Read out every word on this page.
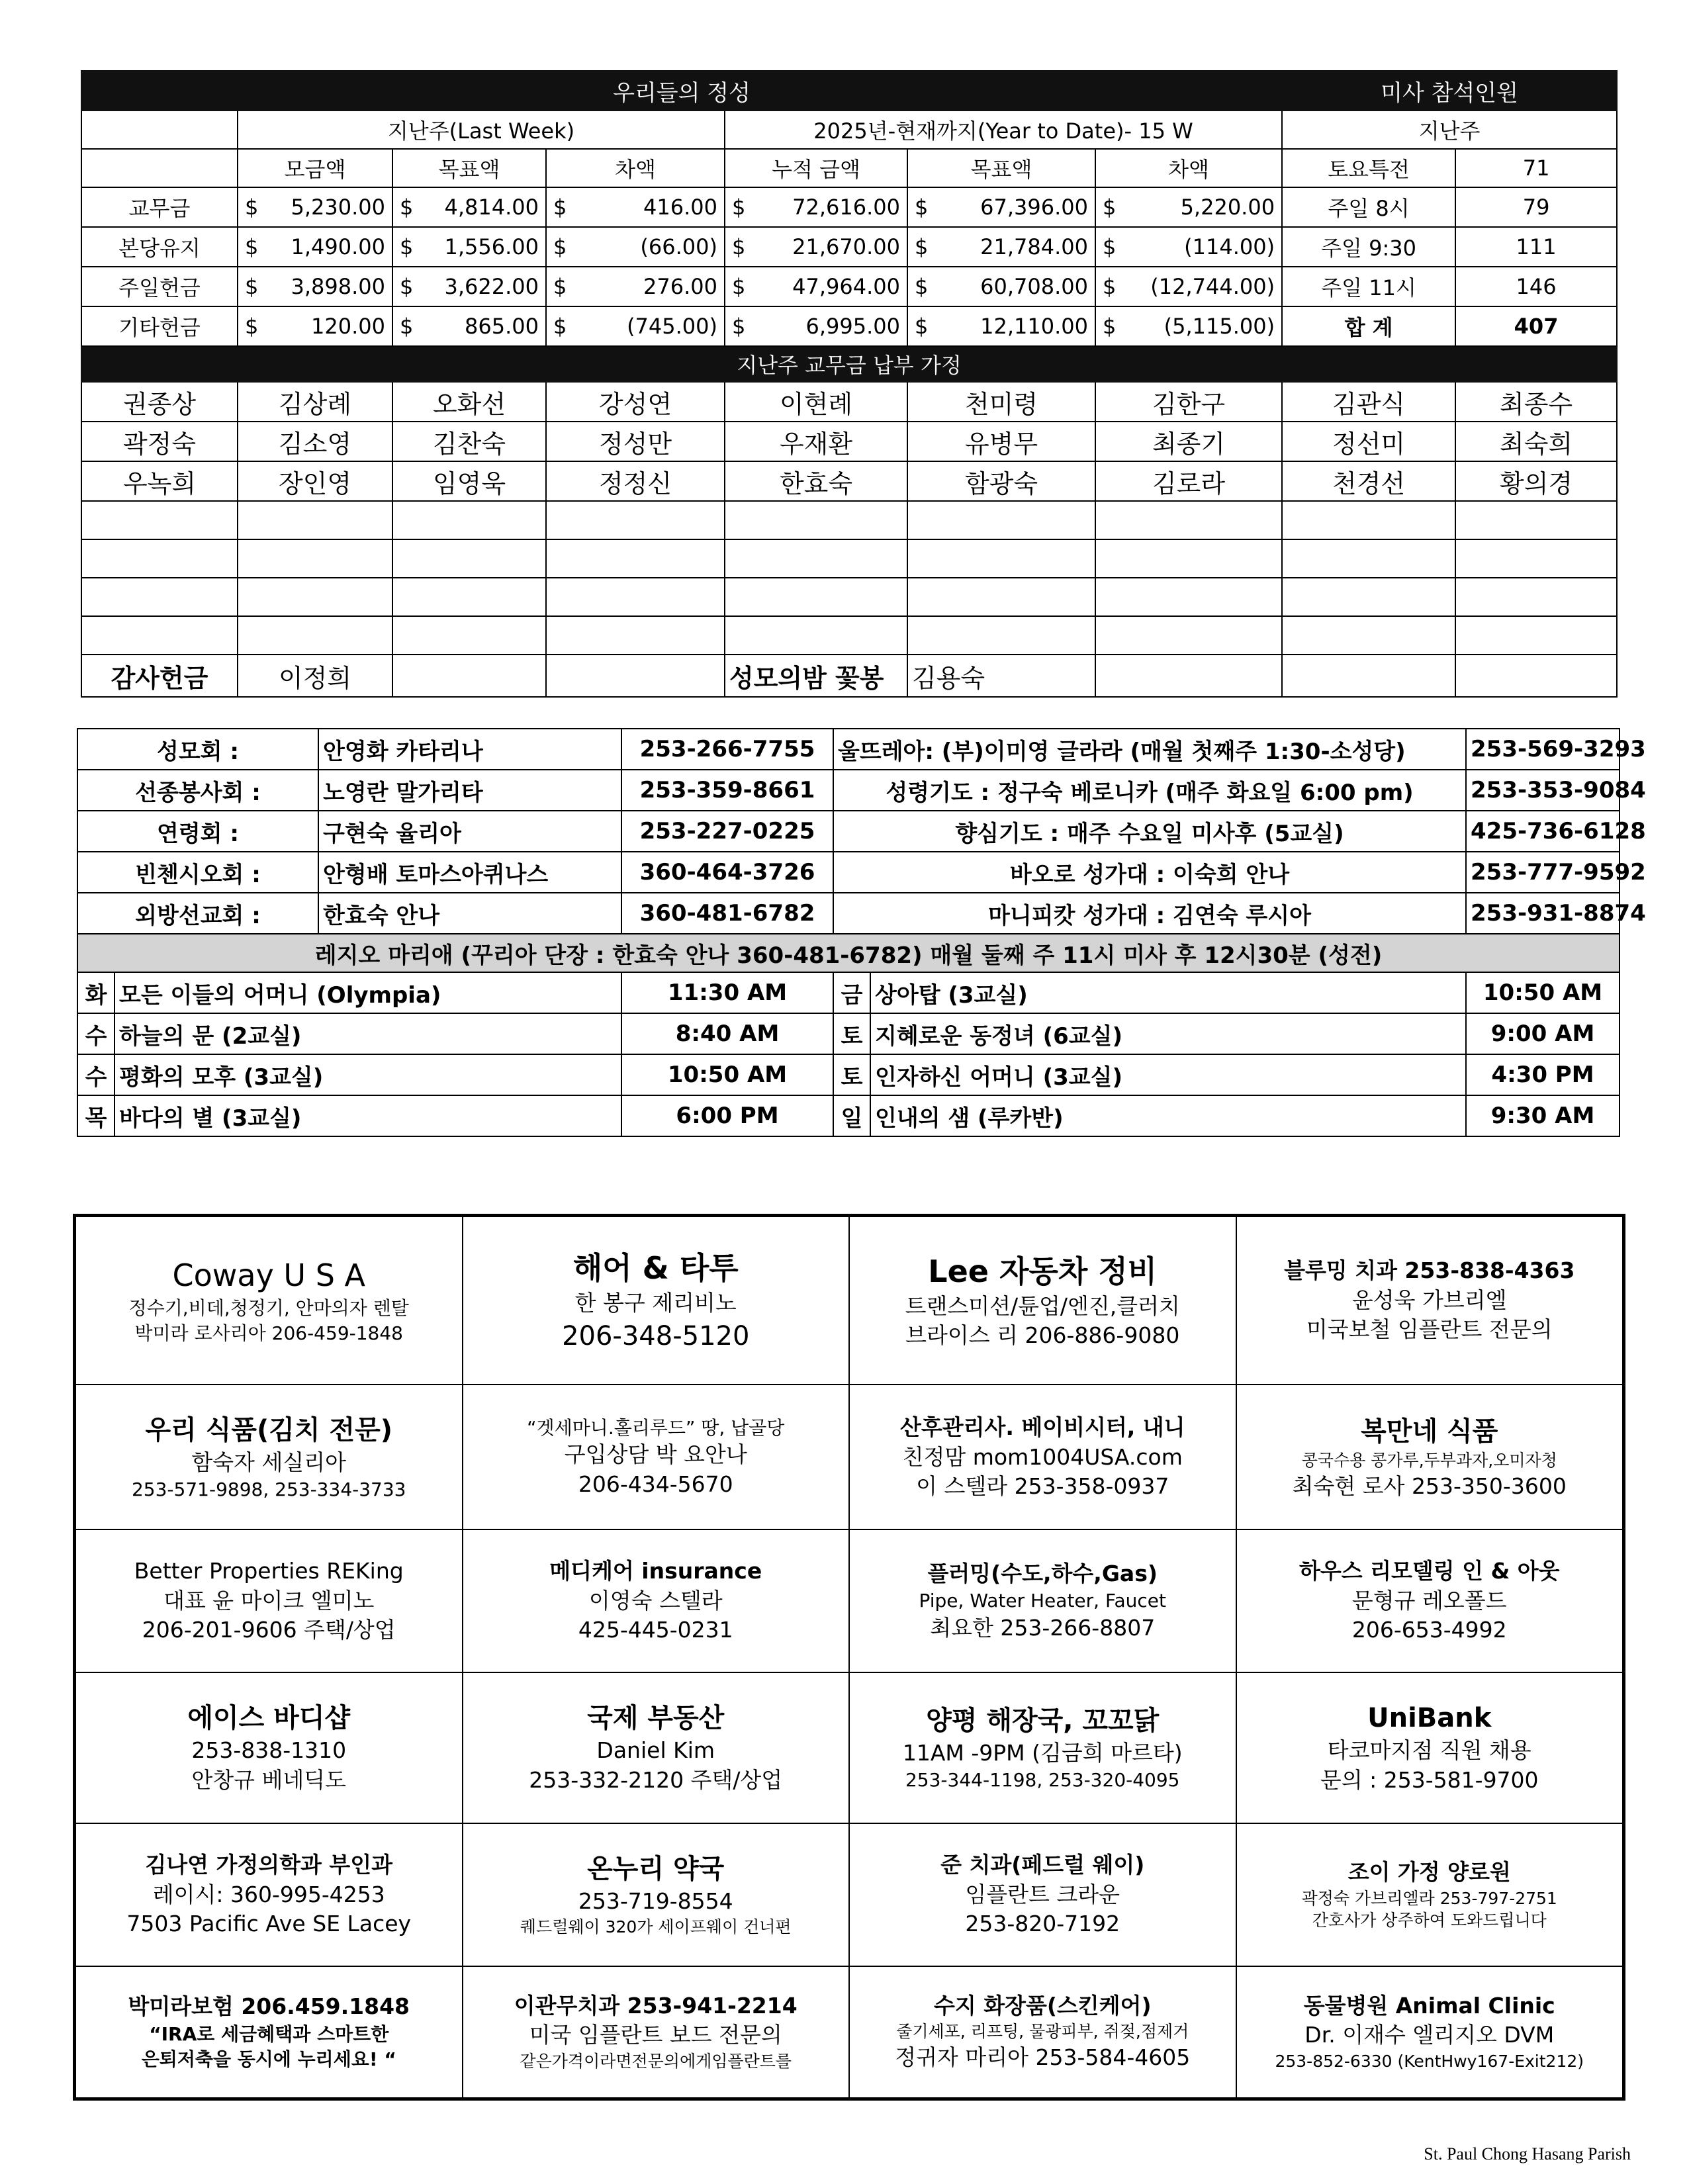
우리들의 정성							미사 참석인원	
	지난주(Last Week)			2025년-현재까지(Year to Date)- 15 W			지난주	
	모금액	목표액	차액	누적 금액	목표액	차액	토요특전	71
교무금	$ 5,230.00	$ 4,814.00	$ 416.00	$ 72,616.00	$ 67,396.00	$ 5,220.00	주일 8시	79
본당유지	$ 1,490.00	$ 1,556.00	$ (66.00)	$ 21,670.00	$ 21,784.00	$ (114.00)	주일 9:30	111
주일헌금	$ 3,898.00	$ 3,622.00	$ 276.00	$ 47,964.00	$ 60,708.00	$ (12,744.00)	주일 11시	146
기타헌금	$ 120.00	$ 865.00	$ (745.00)	$ 6,995.00	$ 12,110.00	$ (5,115.00)	합 계	407
지난주 교무금 납부 가정								
권종상	김상례	오화선	강성연	이현례	천미령	김한구	김관식	최종수
곽정숙	김소영	김찬숙	정성만	우재환	유병무	최종기	정선미	최숙희
우녹희	장인영	임영욱	정정신	한효숙	함광숙	김로라	천경선	황의경

감사헌금	이정희			성모의밤 꽃봉	김용숙			
성모회 :		안영화 카타리나	253-266-7755	울뜨레아: (부)이미영 글라라 (매월 첫째주 1:30-소성당)		253-569-3293
선종봉사회 :		노영란 말가리타	253-359-8661	성령기도 : 정구숙 베로니카 (매주 화요일 6:00 pm)		253-353-9084
연령회 :		구현숙 율리아	253-227-0225	향심기도 : 매주 수요일 미사후 (5교실)		425-736-6128
빈첸시오회 :		안형배 토마스아퀴나스	360-464-3726	바오로 성가대 : 이숙희 안나		253-777-9592
외방선교회 :		한효숙 안나	360-481-6782	마니피캇 성가대 : 김연숙 루시아		253-931-8874
레지오 마리애 (꾸리아 단장 : 한효숙 안나 360-481-6782) 매월 둘째 주 11시 미사 후 12시30분 (성전)						
화	모든 이들의 어머니 (Olympia)		11:30 AM	금	상아탑 (3교실)	10:50 AM
수	하늘의 문 (2교실)		8:40 AM	토	지혜로운 동정녀 (6교실)	9:00 AM
수	평화의 모후 (3교실)		10:50 AM	토	인자하신 어머니 (3교실)	4:30 PM
목	바다의 별 (3교실)		6:00 PM	일	인내의 샘 (루카반)	9:30 AM
Coway U S A
정수기,비데,청정기, 안마의자 렌탈
박미라 로사리아 206-459-1848	해어 & 타투
한 봉구 제리비노
206-348-5120	Lee 자동차 정비
트랜스미션/튠업/엔진,클러치
브라이스 리 206-886-9080	블루밍 치과 253-838-4363
윤성욱 가브리엘
미국보철 임플란트 전문의

우리 식품(김치 전문)
함숙자 세실리아
253-571-9898, 253-334-3733	“겟세마니.홀리루드” 땅, 납골당
구입상담 박 요안나
206-434-5670	산후관리사. 베이비시터, 내니
친정맘 mom1004USA.com
이 스텔라 253-358-0937	복만네 식품
콩국수용 콩가루,두부과자,오미자청
최숙현 로사 253-350-3600

Better Properties REKing
대표 윤 마이크 엘미노
206-201-9606 주택/상업	메디케어 insurance
이영숙 스텔라
425-445-0231	플러밍(수도,하수,Gas)
Pipe, Water Heater, Faucet
최요한 253-266-8807	하우스 리모델링 인 & 아웃
문형규 레오폴드
206-653-4992

에이스 바디샵
253-838-1310
안창규 베네딕도	국제 부동산
Daniel Kim
253-332-2120 주택/상업	양평 해장국, 꼬꼬닭
11AM -9PM (김금희 마르타)
253-344-1198, 253-320-4095	UniBank
타코마지점 직원 채용
문의 : 253-581-9700

김나연 가정의학과 부인과
레이시: 360-995-4253
7503 Pacific Ave SE Lacey	온누리 약국
253-719-8554
퀘드럴웨이 320가 세이프웨이 건너편	준 치과(페드럴 웨이)
임플란트 크라운
253-820-7192	조이 가정 양로원
곽정숙 가브리엘라 253-797-2751
간호사가 상주하여 도와드립니다

박미라보험 206.459.1848
“IRA로 세금혜택과 스마트한
은퇴저축을 동시에 누리세요! “	이관무치과 253-941-2214
미국 임플란트 보드 전문의
같은가격이라면전문의에게임플란트를	수지 화장품(스킨케어)
줄기세포, 리프팅, 물광피부, 쥐젖,점제거
정귀자 마리아 253-584-4605	동물병원 Animal Clinic
Dr. 이재수 엘리지오 DVM
253-852-6330 (KentHwy167-Exit212)
St. Paul Chong Hasang Parish
